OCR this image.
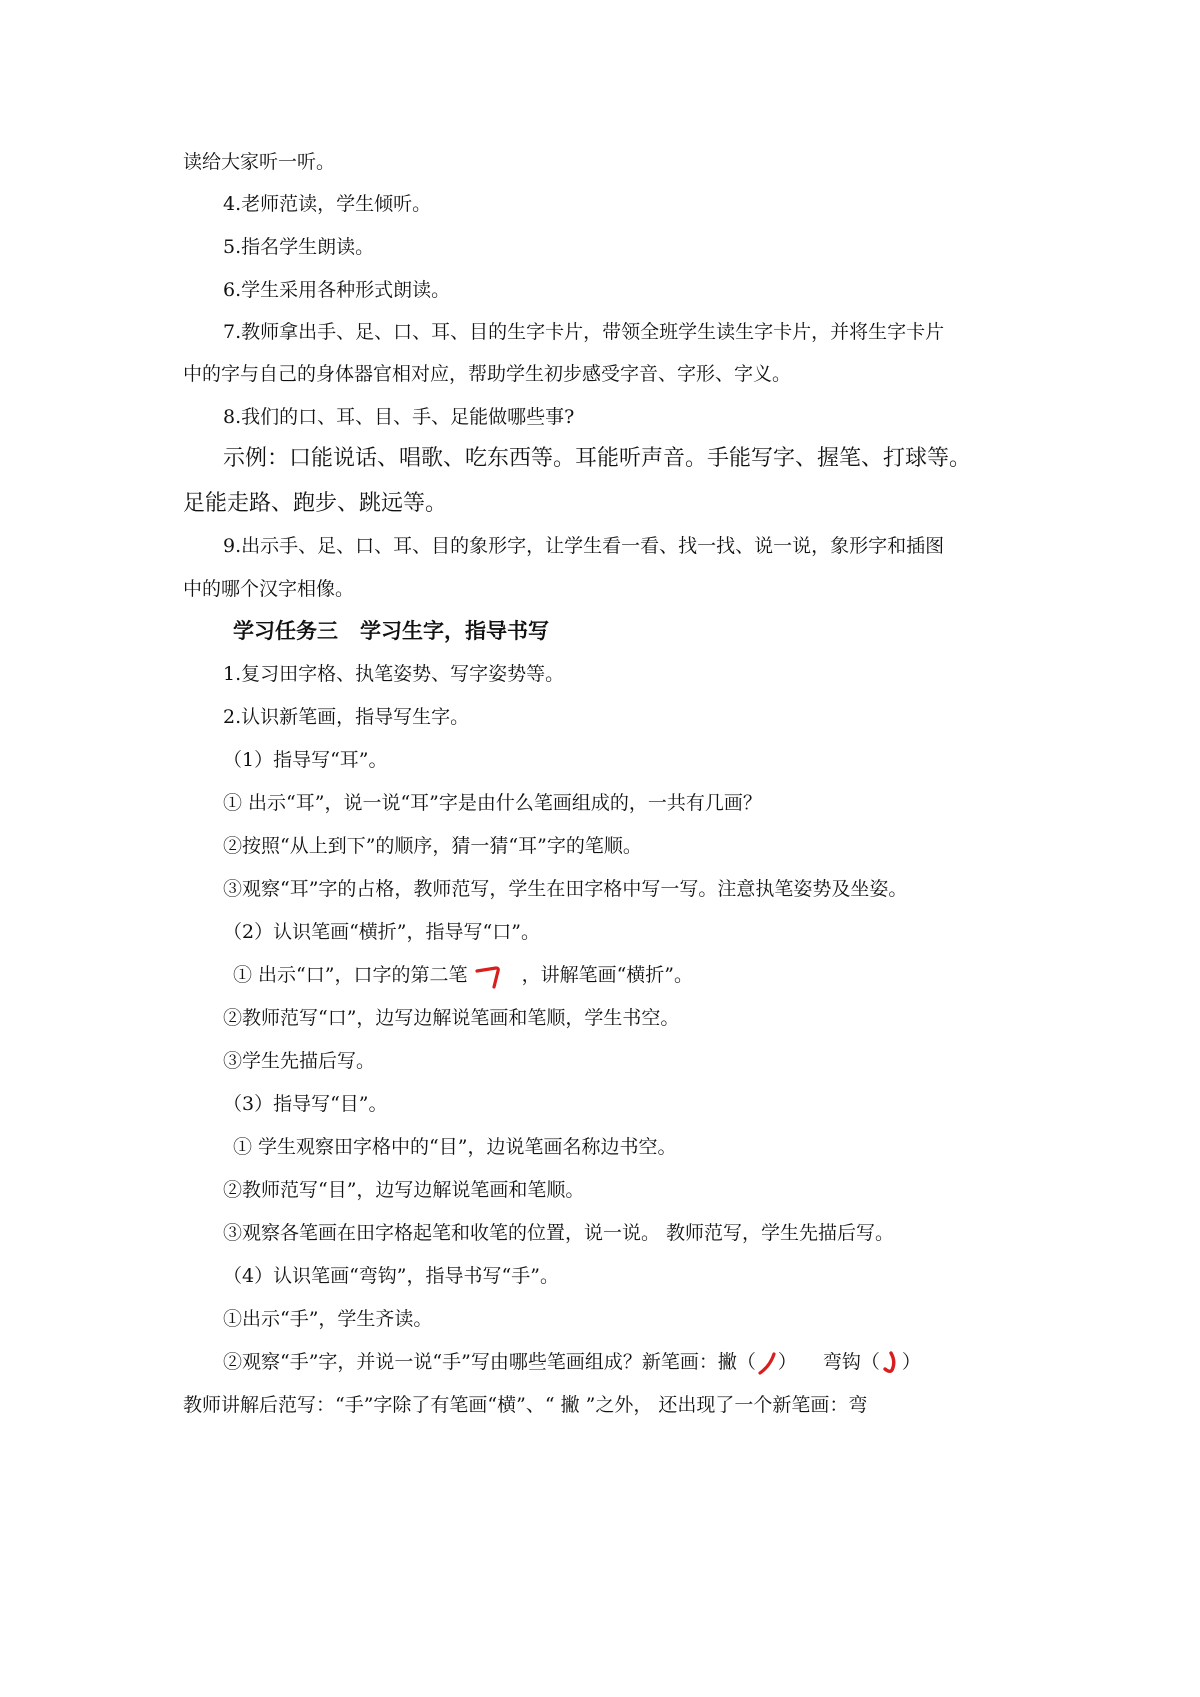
读给大家听一听。
4.老师范读，学生倾听。
5.指名学生朗读。
6.学生采用各种形式朗读。
7.教师拿出手、足、口、耳、目的生字卡片，带领全班学生读生字卡片，并将生字卡片
中的字与自己的身体器官相对应，帮助学生初步感受字音、字形、字义。
8.我们的口、耳、目、手、足能做哪些事?
示例：口能说话、唱歌、吃东西等。耳能听声音。手能写字、握笔、打球等。
足能走路、跑步、跳远等。
9.出示手、足、口、耳、目的象形字，让学生看一看、找一找、说一说，象形字和插图
中的哪个汉字相像。
学习任务三 学习生字，指导书写
1.复习田字格、执笔姿势、写字姿势等。
2.认识新笔画，指导写生字。
（1）指导写“耳”。
① 出示“耳”，说一说“耳”字是由什么笔画组成的，一共有几画？
②按照“从上到下”的顺序，猜一猜“耳”字的笔顺。
③观察“耳”字的占格，教师范写，学生在田字格中写一写。注意执笔姿势及坐姿。
（2）认识笔画“横折”，指导写“口”。
① 出示“口”，口字的第二笔	，讲解笔画“横折”。
②教师范写“口”，边写边解说笔画和笔顺，学生书空。
③学生先描后写。
（3）指导写“目”。
① 学生观察田字格中的“目”，边说笔画名称边书空。
②教师范写“目”，边写边解说笔画和笔顺。
③观察各笔画在田字格起笔和收笔的位置，说一说。 教师范写，学生先描后写。
（4）认识笔画“弯钩”，指导书写“手”。
①出示“手”，学生齐读。
②观察“手”字，并说一说“手”写由哪些笔画组成？新笔画：撇（ ） 弯钩（ ）
教师讲解后范写：“手”字除了有笔画“横”、“ 撇 ”之外， 还出现了一个新笔画：弯
